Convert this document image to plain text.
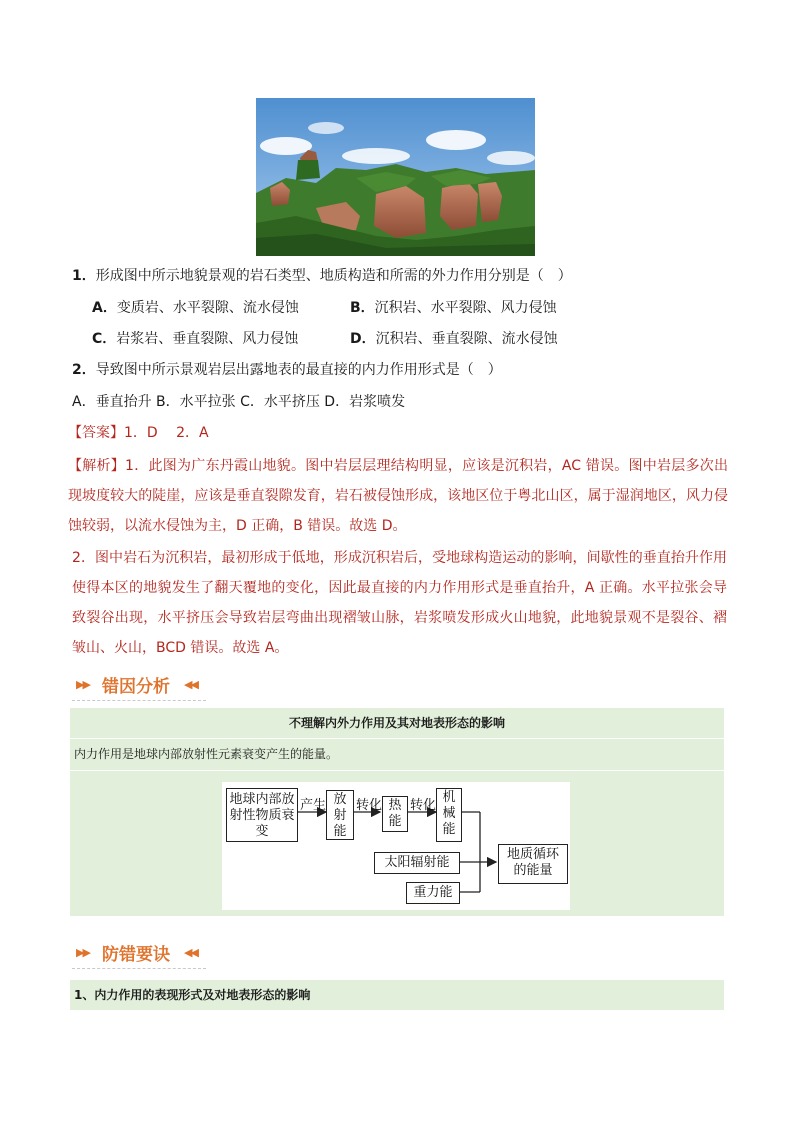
1．形成图中所示地貌景观的岩石类型、地质构造和所需的外力作用分别是（　）
A．变质岩、水平裂隙、流水侵蚀	B．沉积岩、水平裂隙、风力侵蚀
C．岩浆岩、垂直裂隙、风力侵蚀	D．沉积岩、垂直裂隙、流水侵蚀
2．导致图中所示景观岩层出露地表的最直接的内力作用形式是（　）
A．垂直抬升 B．水平拉张 C．水平挤压 D．岩浆喷发
【答案】1．D　 2．A
【解析】1．此图为广东丹霞山地貌。图中岩层层理结构明显，应该是沉积岩，AC 错误。图中岩层多次出现坡度较大的陡崖，应该是垂直裂隙发育，岩石被侵蚀形成，该地区位于粤北山区，属于湿润地区，风力侵蚀较弱，以流水侵蚀为主，D 正确，B 错误。故选 D。
2．图中岩石为沉积岩，最初形成于低地，形成沉积岩后，受地球构造运动的影响，间歇性的垂直抬升作用使得本区的地貌发生了翻天覆地的变化，因此最直接的内力作用形式是垂直抬升，A 正确。水平拉张会导致裂谷出现，水平挤压会导致岩层弯曲出现褶皱山脉，岩浆喷发形成火山地貌，此地貌景观不是裂谷、褶皱山、火山，BCD 错误。故选 A。
▶▶ 错因分析 ◀◀
不理解内外力作用及其对地表形态的影响
内力作用是地球内部放射性元素衰变产生的能量。
地球内部放射性物质衰变
产生 放射能
转化 热能
转化
机械能
太阳辐射能
重力能
地质循环的能量
▶▶ 防错要诀 ◀◀
1、内力作用的表现形式及对地表形态的影响
